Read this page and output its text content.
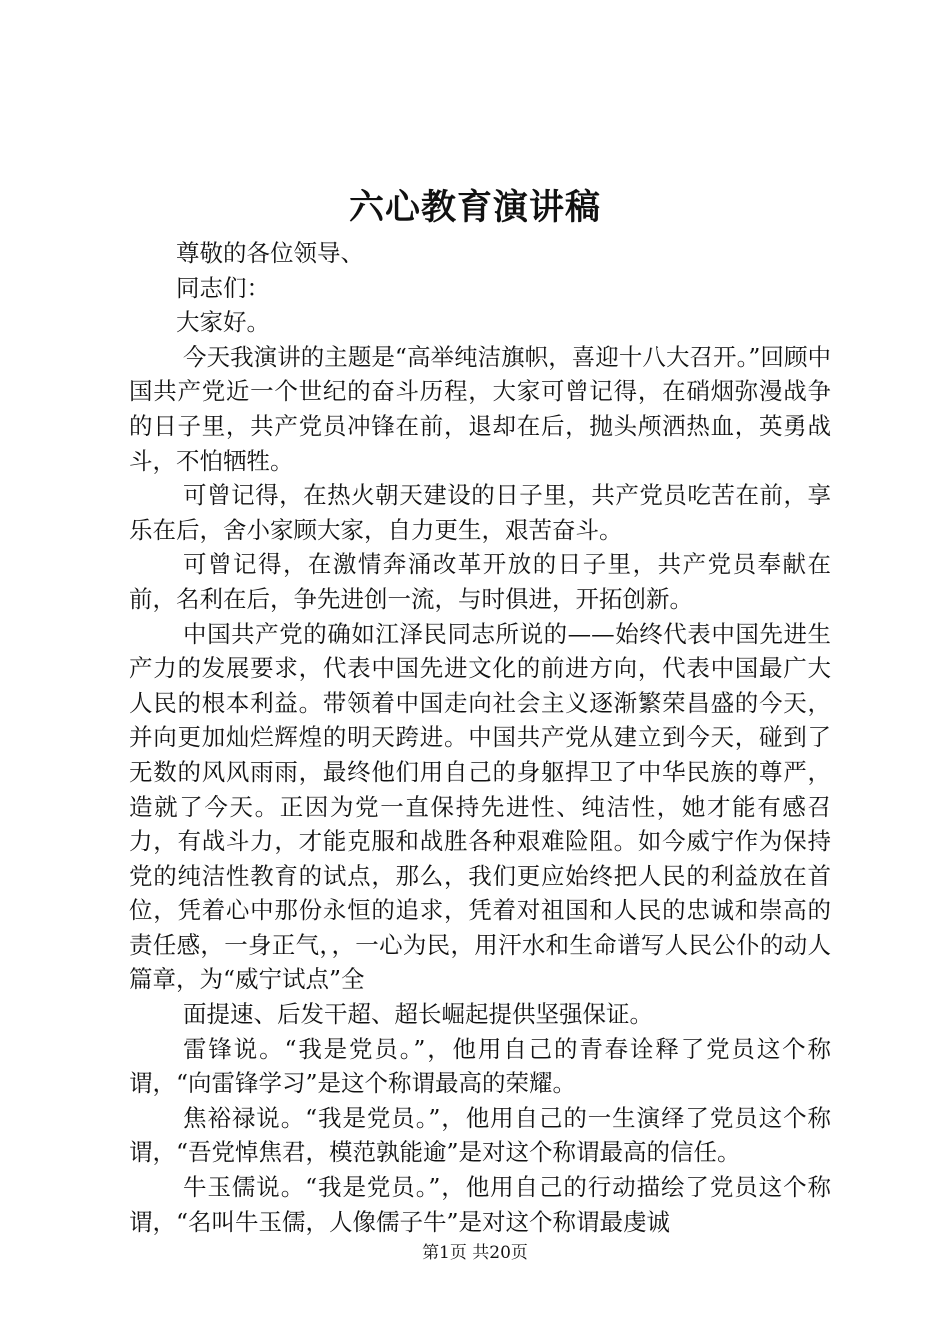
六心教育演讲稿

尊敬的各位领导、

同志们：

大家好。

今天我演讲的主题是“高举纯洁旗帜，喜迎十八大召开。”回顾中国共产党近一个世纪的奋斗历程，大家可曾记得，在硝烟弥漫战争的日子里，共产党员冲锋在前，退却在后，抛头颅洒热血，英勇战斗，不怕牺牲。

可曾记得，在热火朝天建设的日子里，共产党员吃苦在前，享乐在后，舍小家顾大家，自力更生，艰苦奋斗。

可曾记得，在激情奔涌改革开放的日子里，共产党员奉献在前，名利在后，争先进创一流，与时俱进，开拓创新。

中国共产党的确如江泽民同志所说的——始终代表中国先进生产力的发展要求，代表中国先进文化的前进方向，代表中国最广大人民的根本利益。带领着中国走向社会主义逐渐繁荣昌盛的今天，并向更加灿烂辉煌的明天跨进。中国共产党从建立到今天，碰到了无数的风风雨雨，最终他们用自己的身躯捍卫了中华民族的尊严，造就了今天。正因为党一直保持先进性、纯洁性，她才能有感召力，有战斗力，才能克服和战胜各种艰难险阻。如今威宁作为保持党的纯洁性教育的试点，那么，我们更应始终把人民的利益放在首位，凭着心中那份永恒的追求，凭着对祖国和人民的忠诚和崇高的责任感，一身正气，，一心为民，用汗水和生命谱写人民公仆的动人篇章，为“威宁试点”全

面提速、后发干超、超长崛起提供坚强保证。

雷锋说。“我是党员。”，他用自己的青春诠释了党员这个称谓，“向雷锋学习”是这个称谓最高的荣耀。

焦裕禄说。“我是党员。”，他用自己的一生演绎了党员这个称谓，“吾党悼焦君，模范孰能逾”是对这个称谓最高的信任。

牛玉儒说。“我是党员。”，他用自己的行动描绘了党员这个称谓，“名叫牛玉儒，人像儒子牛”是对这个称谓最虔诚

第1页 共20页
